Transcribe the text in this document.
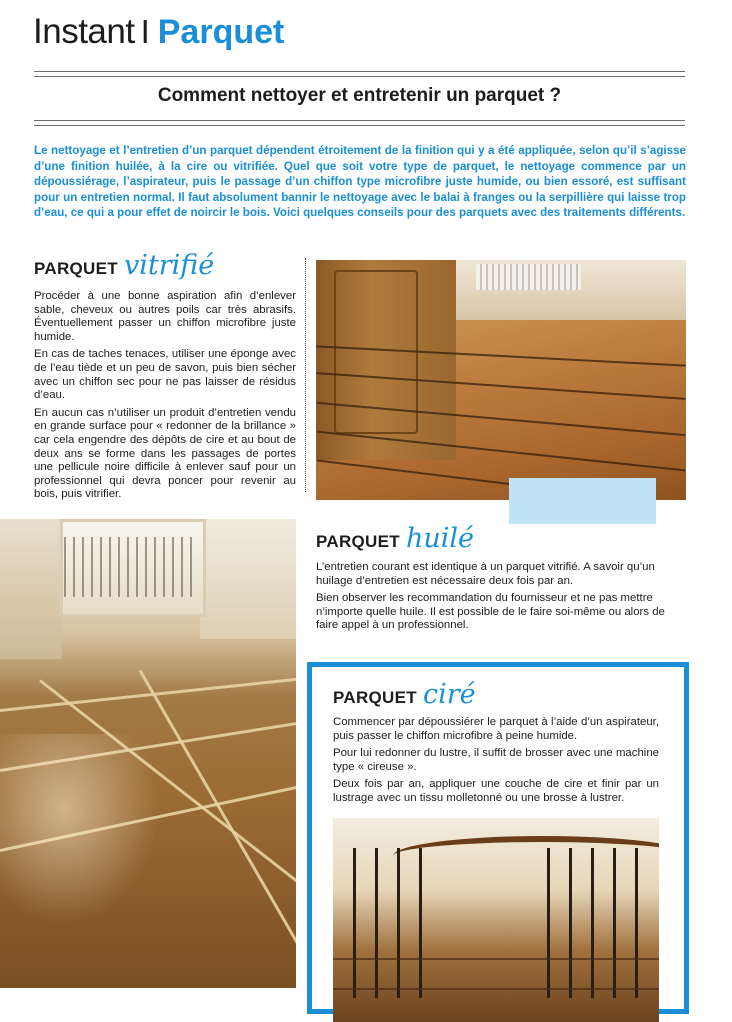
Instant I Parquet
Comment nettoyer et entretenir un parquet ?
Le nettoyage et l’entretien d’un parquet dépendent étroitement de la finition qui y a été appliquée, selon qu’il s’agisse d’une finition huilée, à la cire ou vitrifiée. Quel que soit votre type de parquet, le nettoyage commence par un dépoussiérage, l’aspirateur, puis le passage d’un chiffon type microfibre juste humide, ou bien essoré, est suffisant pour un entretien normal. Il faut absolument bannir le nettoyage avec le balai à franges ou la serpillière qui laisse trop d’eau, ce qui a pour effet de noircir le bois. Voici quelques conseils pour des parquets avec des traitements différents.
PARQUET vitrifié

Procéder à une bonne aspiration afin d’enlever sable, cheveux ou autres poils car très abrasifs. Éventuellement passer un chiffon microfibre juste humide.

En cas de taches tenaces, utiliser une éponge avec de l’eau tiède et un peu de savon, puis bien sécher avec un chiffon sec pour ne pas laisser de résidus d’eau.

En aucun cas n’utiliser un produit d’entretien vendu en grande surface pour « redonner de la brillance » car cela engendre des dépôts de cire et au bout de deux ans se forme dans les passages de portes une pellicule noire difficile à enlever sauf pour un professionnel qui devra poncer pour revenir au bois, puis vitrifier.

PARQUET huilé

L’entretien courant est identique à un parquet vitrifié. A savoir qu’un huilage d’entretien est nécessaire deux fois par an.

Bien observer les recommandation du fournisseur et ne pas mettre n’importe quelle huile. Il est possible de le faire soi-même ou alors de faire appel à un professionnel.

PARQUET ciré

Commencer par dépoussiérer le parquet à l’aide d’un aspirateur, puis passer le chiffon microfibre à peine humide.

Pour lui redonner du lustre, il suffit de brosser avec une machine type « cireuse ».

Deux fois par an, appliquer une couche de cire et finir par un lustrage avec un tissu molletonné ou une brosse à lustrer.
